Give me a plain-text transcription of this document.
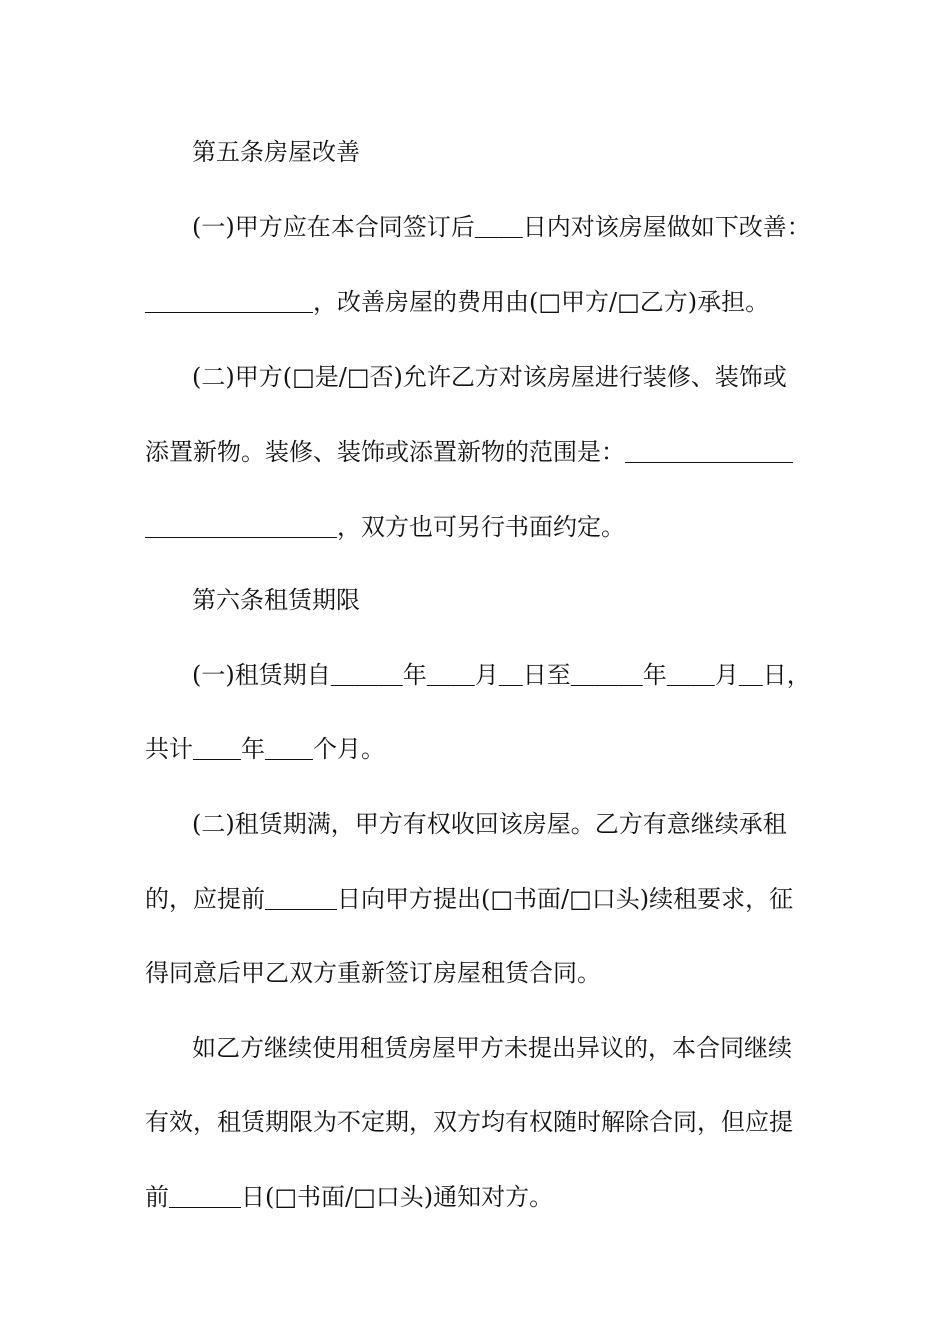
第五条房屋改善
(一)甲方应在本合同签订后＿＿日内对该房屋做如下改善：
＿＿＿＿＿＿＿，改善房屋的费用由(□甲方/□乙方)承担。
(二)甲方(□是/□否)允许乙方对该房屋进行装修、装饰或
添置新物。装修、装饰或添置新物的范围是：＿＿＿＿＿＿＿
＿＿＿＿＿＿＿＿，双方也可另行书面约定。
第六条租赁期限
(一)租赁期自＿＿＿年＿＿月＿日至＿＿＿年＿＿月＿日，
共计＿＿年＿＿个月。
(二)租赁期满，甲方有权收回该房屋。乙方有意继续承租
的，应提前＿＿＿日向甲方提出(□书面/□口头)续租要求，征
得同意后甲乙双方重新签订房屋租赁合同。
如乙方继续使用租赁房屋甲方未提出异议的，本合同继续
有效，租赁期限为不定期，双方均有权随时解除合同，但应提
前＿＿＿日(□书面/□口头)通知对方。
